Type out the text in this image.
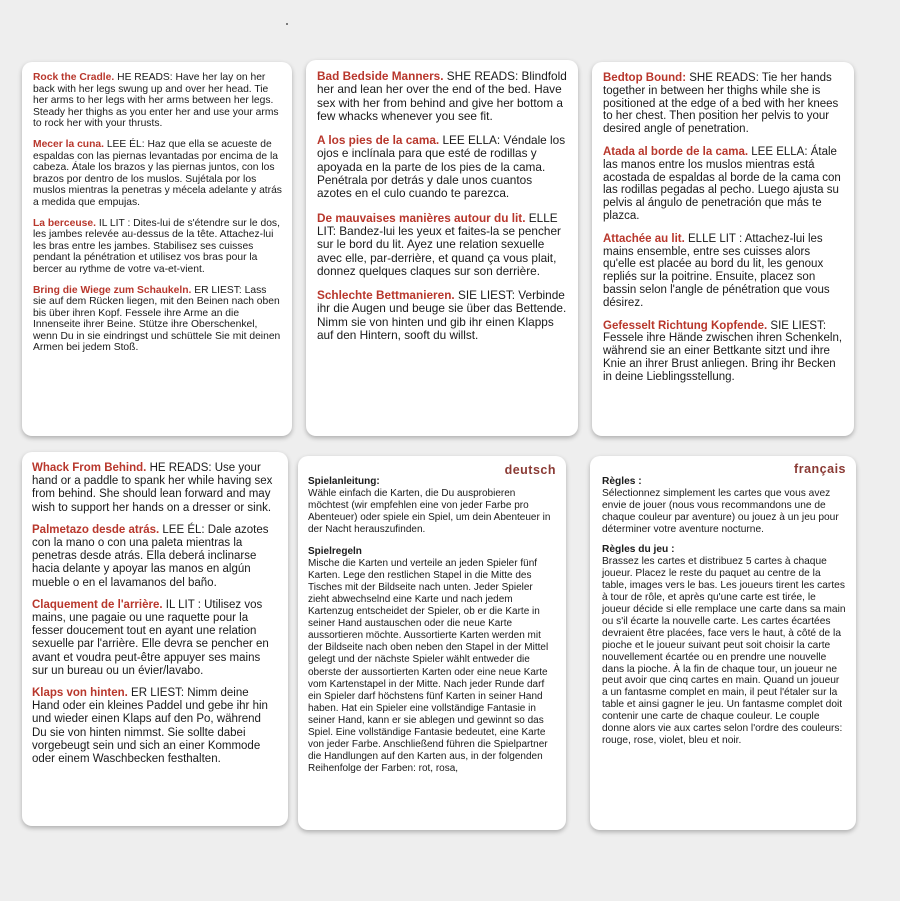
Rock the Cradle. HE READS: Have her lay on her back with her legs swung up and over her head. Tie her arms to her legs with her arms between her legs. Steady her thighs as you enter her and use your arms to rock her with your thrusts.

Mecer la cuna. LEE ÉL: Haz que ella se acueste de espaldas con las piernas levantadas por encima de la cabeza. Átale los brazos y las piernas juntos, con los brazos por dentro de los muslos. Sujétala por los muslos mientras la penetras y mécela adelante y atrás a medida que empujas.

La berceuse. IL LIT : Dites-lui de s'étendre sur le dos, les jambes relevée au-dessus de la tête. Attachez-lui les bras entre les jambes. Stabilisez ses cuisses pendant la pénétration et utilisez vos bras pour la bercer au rythme de votre va-et-vient.

Bring die Wiege zum Schaukeln. ER LIEST: Lass sie auf dem Rücken liegen, mit den Beinen nach oben bis über ihren Kopf. Fessele ihre Arme an die Innenseite ihrer Beine. Stütze ihre Oberschenkel, wenn Du in sie eindringst und schüttele Sie mit deinen Armen bei jedem Stoß.

Bad Bedside Manners. SHE READS: Blindfold her and lean her over the end of the bed. Have sex with her from behind and give her bottom a few whacks whenever you see fit.

A los pies de la cama. LEE ELLA: Véndale los ojos e inclínala para que esté de rodillas y apoyada en la parte de los pies de la cama. Penétrala por detrás y dale unos cuantos azotes en el culo cuando te parezca.

De mauvaises manières autour du lit. ELLE LIT: Bandez-lui les yeux et faites-la se pencher sur le bord du lit. Ayez une relation sexuelle avec elle, par-derrière, et quand ça vous plait, donnez quelques claques sur son derrière.

Schlechte Bettmanieren. SIE LIEST: Verbinde ihr die Augen und beuge sie über das Bettende. Nimm sie von hinten und gib ihr einen Klapps auf den Hintern, sooft du willst.

Bedtop Bound: SHE READS: Tie her hands together in between her thighs while she is positioned at the edge of a bed with her knees to her chest. Then position her pelvis to your desired angle of penetration.

Atada al borde de la cama. LEE ELLA: Átale las manos entre los muslos mientras está acostada de espaldas al borde de la cama con las rodillas pegadas al pecho. Luego ajusta su pelvis al ángulo de penetración que más te plazca.

Attachée au lit. ELLE LIT : Attachez-lui les mains ensemble, entre ses cuisses alors qu'elle est placée au bord du lit, les genoux repliés sur la poitrine. Ensuite, placez son bassin selon l'angle de pénétration que vous désirez.

Gefesselt Richtung Kopfende. SIE LIEST: Fessele ihre Hände zwischen ihren Schenkeln, während sie an einer Bettkante sitzt und ihre Knie an ihrer Brust anliegen. Bring ihr Becken in deine Lieblingsstellung.

Whack From Behind. HE READS: Use your hand or a paddle to spank her while having sex from behind. She should lean forward and may wish to support her hands on a dresser or sink.

Palmetazo desde atrás. LEE ÉL: Dale azotes con la mano o con una paleta mientras la penetras desde atrás. Ella deberá inclinarse hacia delante y apoyar las manos en algún mueble o en el lavamanos del baño.

Claquement de l'arrière. IL LIT : Utilisez vos mains, une pagaie ou une raquette pour la fesser doucement tout en ayant une relation sexuelle par l'arrière. Elle devra se pencher en avant et voudra peut-être appuyer ses mains sur un bureau ou un évier/lavabo.

Klaps von hinten. ER LIEST: Nimm deine Hand oder ein kleines Paddel und gebe ihr hin und wieder einen Klaps auf den Po, während Du sie von hinten nimmst. Sie sollte dabei vorgebeugt sein und sich an einer Kommode oder einem Waschbecken festhalten.

deutsch

Spielanleitung:

Wähle einfach die Karten, die Du ausprobieren möchtest (wir empfehlen eine von jeder Farbe pro Abenteuer) oder spiele ein Spiel, um dein Abenteuer in der Nacht herauszufinden.

Spielregeln

Mische die Karten und verteile an jeden Spieler fünf Karten. Lege den restlichen Stapel in die Mitte des Tisches mit der Bildseite nach unten. Jeder Spieler zieht abwechselnd eine Karte und nach jedem Kartenzug entscheidet der Spieler, ob er die Karte in seiner Hand austauschen oder die neue Karte aussortieren möchte. Aussortierte Karten werden mit der Bildseite nach oben neben den Stapel in der Mittel gelegt und der nächste Spieler wählt entweder die oberste der aussortierten Karten oder eine neue Karte vom Kartenstapel in der Mitte. Nach jeder Runde darf ein Spieler darf höchstens fünf Karten in seiner Hand haben. Hat ein Spieler eine vollständige Fantasie in seiner Hand, kann er sie ablegen und gewinnt so das Spiel. Eine vollständige Fantasie bedeutet, eine Karte von jeder Farbe. Anschließend führen die Spielpartner die Handlungen auf den Karten aus, in der folgenden Reihenfolge der Farben: rot, rosa,

français

Règles :

Sélectionnez simplement les cartes que vous avez envie de jouer (nous vous recommandons une de chaque couleur par aventure) ou jouez à un jeu pour déterminer votre aventure nocturne.

Règles du jeu :

Brassez les cartes et distribuez 5 cartes à chaque joueur. Placez le reste du paquet au centre de la table, images vers le bas. Les joueurs tirent les cartes à tour de rôle, et après qu'une carte est tirée, le joueur décide si elle remplace une carte dans sa main ou s'il écarte la nouvelle carte. Les cartes écartées devraient être placées, face vers le haut, à côté de la pioche et le joueur suivant peut soit choisir la carte nouvellement écartée ou en prendre une nouvelle dans la pioche. À la fin de chaque tour, un joueur ne peut avoir que cinq cartes en main. Quand un joueur a un fantasme complet en main, il peut l'étaler sur la table et ainsi gagner le jeu. Un fantasme complet doit contenir une carte de chaque couleur. Le couple donne alors vie aux cartes selon l'ordre des couleurs: rouge, rose, violet, bleu et noir.
